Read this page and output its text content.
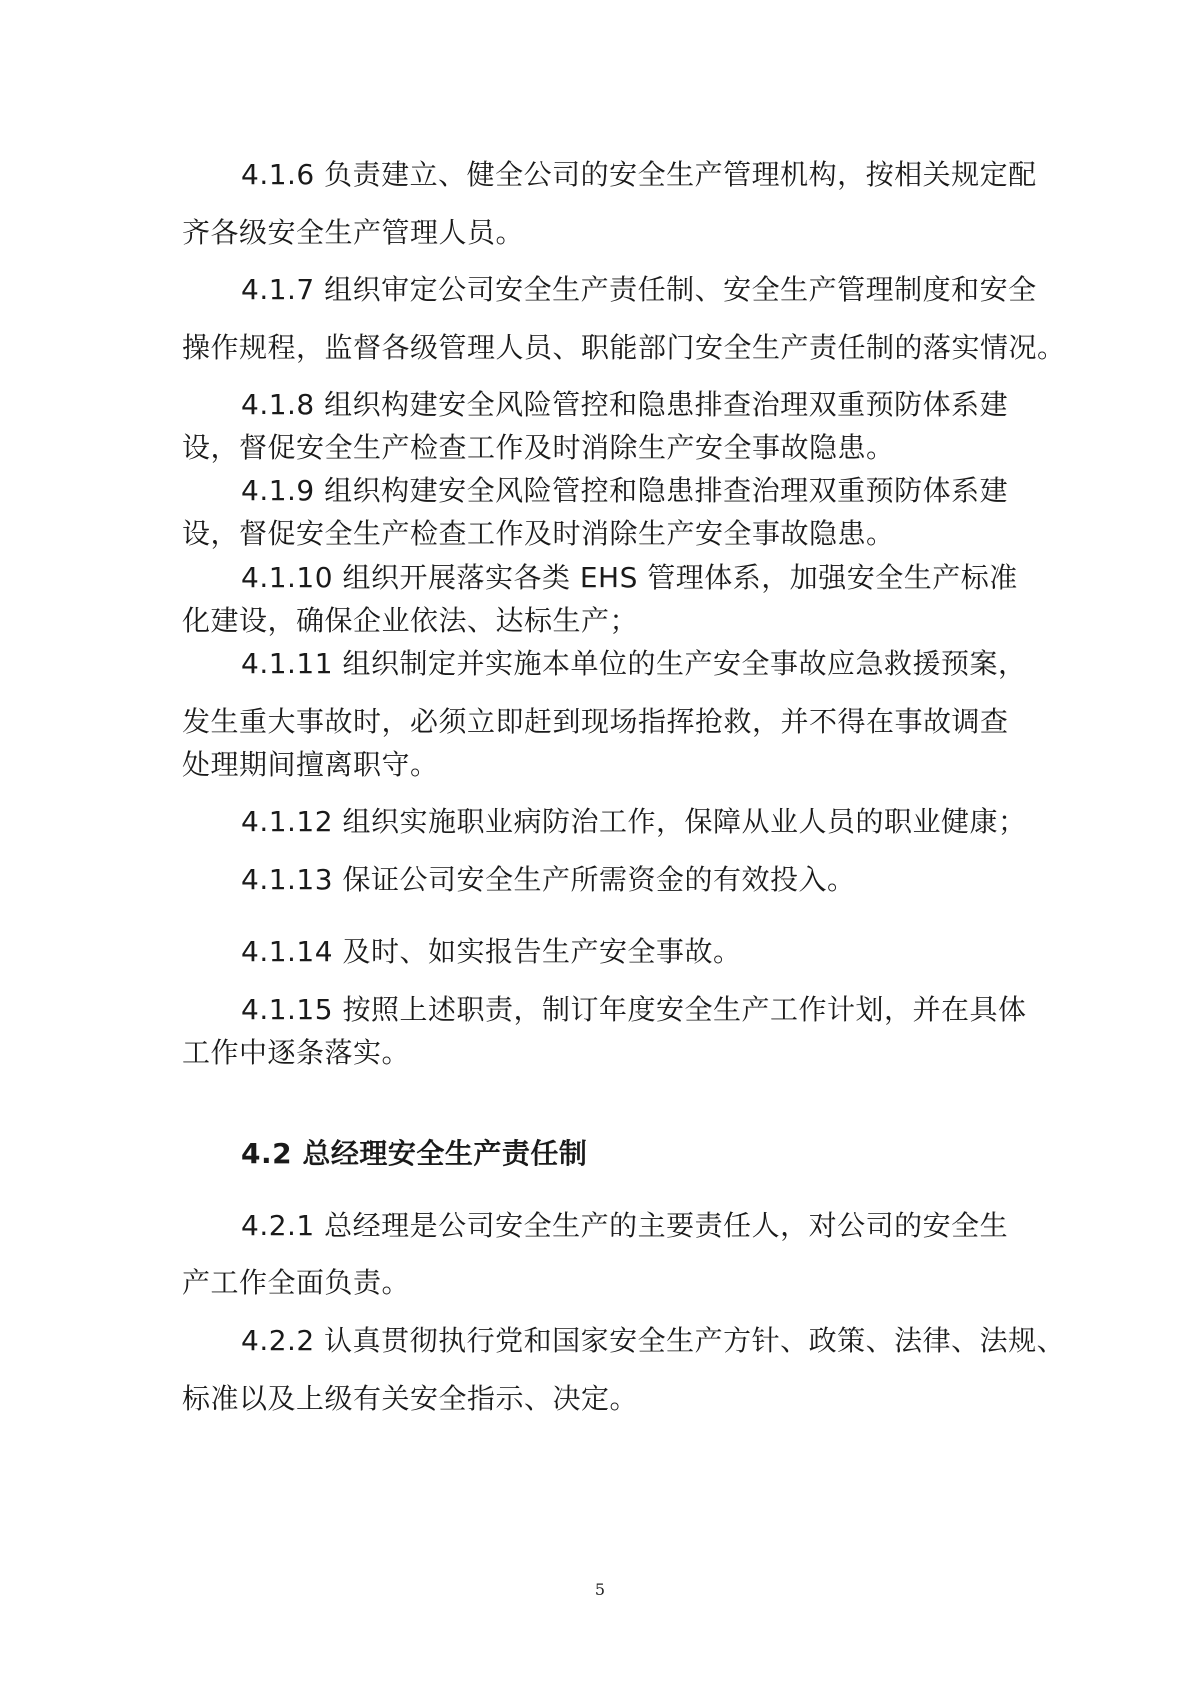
4.1.6 负责建立、健全公司的安全生产管理机构，按相关规定配
齐各级安全生产管理人员。
4.1.7 组织审定公司安全生产责任制、安全生产管理制度和安全
操作规程，监督各级管理人员、职能部门安全生产责任制的落实情况。
4.1.8 组织构建安全风险管控和隐患排查治理双重预防体系建
设，督促安全生产检查工作及时消除生产安全事故隐患。
4.1.9 组织构建安全风险管控和隐患排查治理双重预防体系建
设，督促安全生产检查工作及时消除生产安全事故隐患。
4.1.10 组织开展落实各类 EHS 管理体系，加强安全生产标准
化建设，确保企业依法、达标生产；
4.1.11 组织制定并实施本单位的生产安全事故应急救援预案，
发生重大事故时，必须立即赶到现场指挥抢救，并不得在事故调查
处理期间擅离职守。
4.1.12 组织实施职业病防治工作，保障从业人员的职业健康；
4.1.13 保证公司安全生产所需资金的有效投入。
4.1.14 及时、如实报告生产安全事故。
4.1.15 按照上述职责，制订年度安全生产工作计划，并在具体
工作中逐条落实。
4.2 总经理安全生产责任制
4.2.1 总经理是公司安全生产的主要责任人，对公司的安全生
产工作全面负责。
4.2.2 认真贯彻执行党和国家安全生产方针、政策、法律、法规、
标准以及上级有关安全指示、决定。
5
